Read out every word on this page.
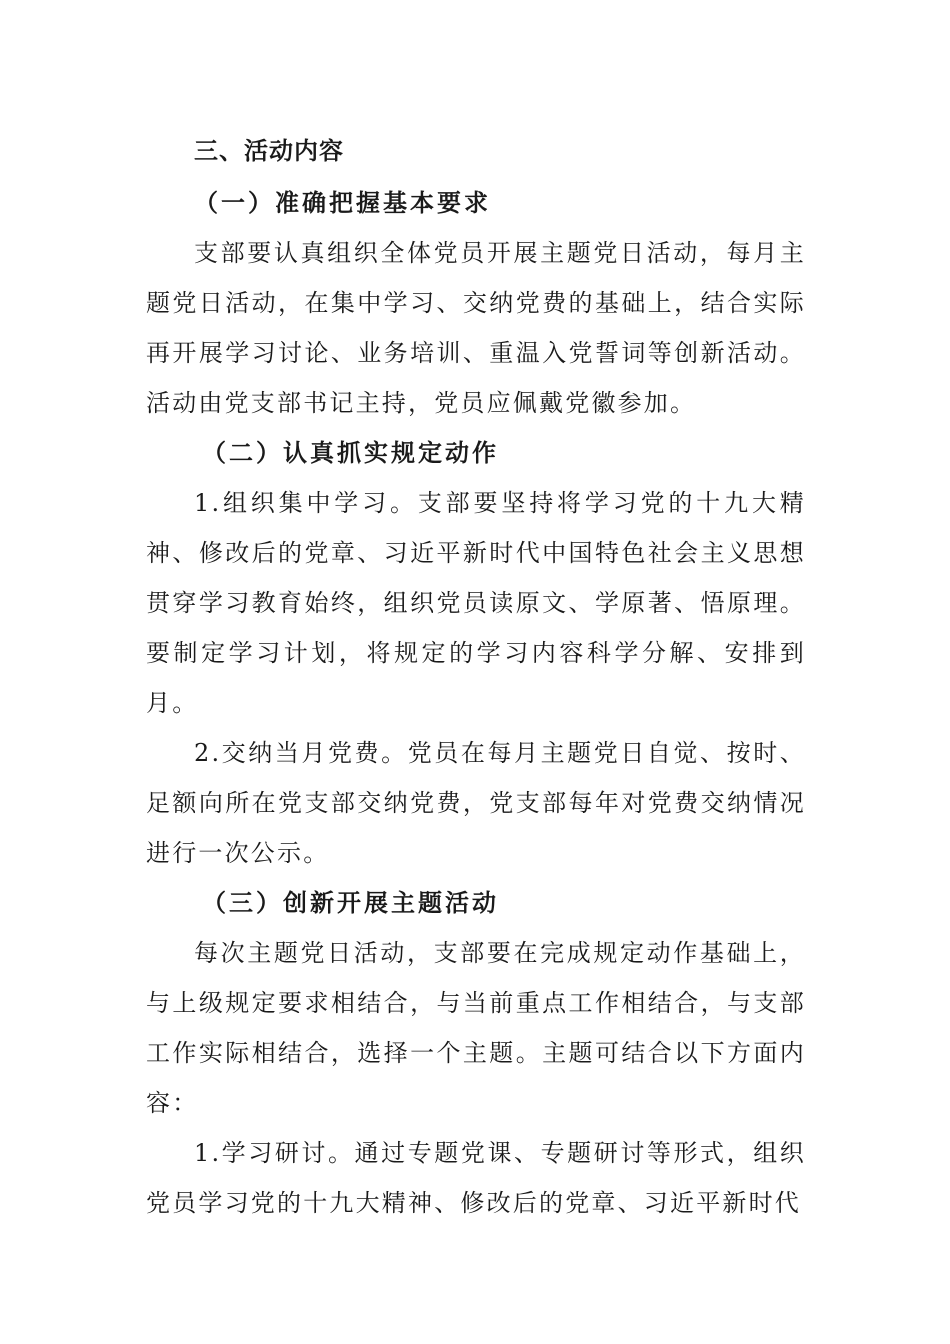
三、活动内容
（一）准确把握基本要求
支部要认真组织全体党员开展主题党日活动，每月主题党日活动，在集中学习、交纳党费的基础上，结合实际再开展学习讨论、业务培训、重温入党誓词等创新活动。活动由党支部书记主持，党员应佩戴党徽参加。
（二）认真抓实规定动作
1.组织集中学习。支部要坚持将学习党的十九大精神、修改后的党章、习近平新时代中国特色社会主义思想贯穿学习教育始终，组织党员读原文、学原著、悟原理。要制定学习计划，将规定的学习内容科学分解、安排到月。
2.交纳当月党费。党员在每月主题党日自觉、按时、足额向所在党支部交纳党费，党支部每年对党费交纳情况进行一次公示。
（三）创新开展主题活动
每次主题党日活动，支部要在完成规定动作基础上，与上级规定要求相结合，与当前重点工作相结合，与支部工作实际相结合，选择一个主题。主题可结合以下方面内容：
1.学习研讨。通过专题党课、专题研讨等形式，组织党员学习党的十九大精神、修改后的党章、习近平新时代
